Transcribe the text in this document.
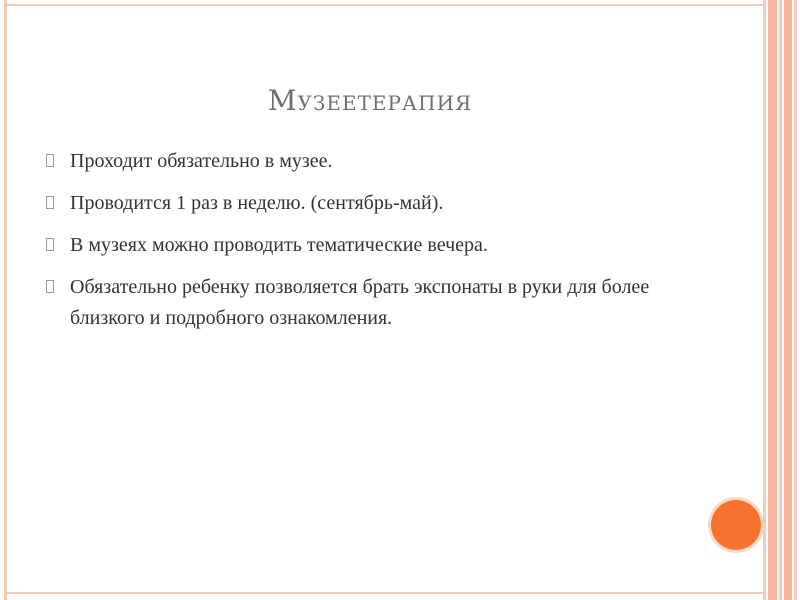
Музеетерапия
Проходит обязательно в музее.
Проводится 1 раз в неделю. (сентябрь-май).
В музеях можно проводить тематические вечера.
Обязательно ребенку позволяется брать экспонаты в руки для более близкого и подробного ознакомления.
